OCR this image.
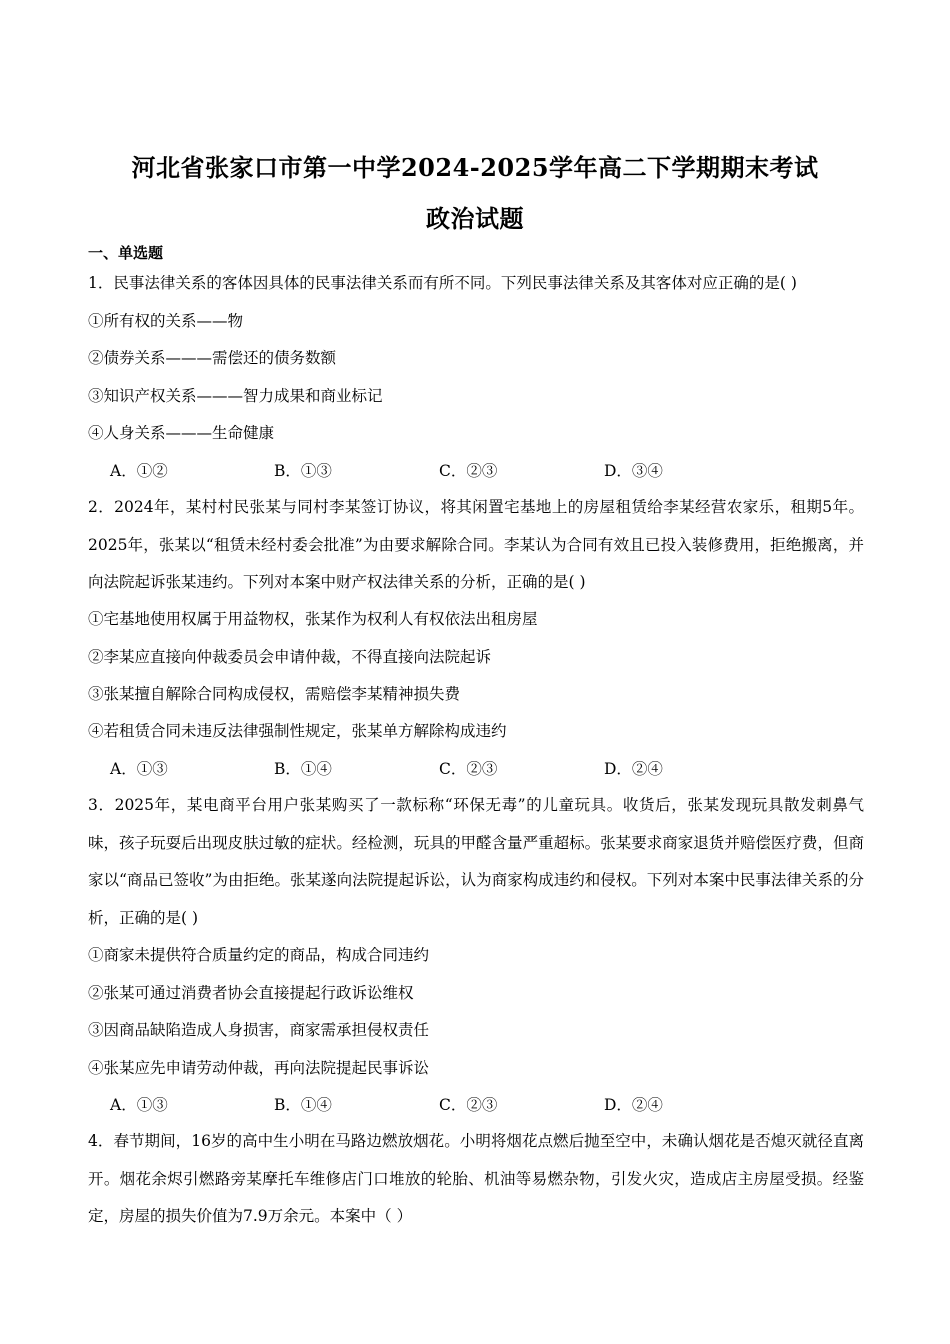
河北省张家口市第一中学2024-2025学年高二下学期期末考试
政治试题
一、单选题
1．民事法律关系的客体因具体的民事法律关系而有所不同。下列民事法律关系及其客体对应正确的是( )
①所有权的关系——物
②债券关系———需偿还的债务数额
③知识产权关系———智力成果和商业标记
④人身关系———生命健康
A．①②	B．①③	C．②③	D．③④
2．2024年，某村村民张某与同村李某签订协议，将其闲置宅基地上的房屋租赁给李某经营农家乐，租期5年。2025年，张某以“租赁未经村委会批准”为由要求解除合同。李某认为合同有效且已投入装修费用，拒绝搬离，并向法院起诉张某违约。下列对本案中财产权法律关系的分析，正确的是( )
①宅基地使用权属于用益物权，张某作为权利人有权依法出租房屋
②李某应直接向仲裁委员会申请仲裁，不得直接向法院起诉
③张某擅自解除合同构成侵权，需赔偿李某精神损失费
④若租赁合同未违反法律强制性规定，张某单方解除构成违约
A．①③	B．①④	C．②③	D．②④
3．2025年，某电商平台用户张某购买了一款标称“环保无毒”的儿童玩具。收货后，张某发现玩具散发刺鼻气味，孩子玩耍后出现皮肤过敏的症状。经检测，玩具的甲醛含量严重超标。张某要求商家退货并赔偿医疗费，但商家以“商品已签收”为由拒绝。张某遂向法院提起诉讼，认为商家构成违约和侵权。下列对本案中民事法律关系的分析，正确的是( )
①商家未提供符合质量约定的商品，构成合同违约
②张某可通过消费者协会直接提起行政诉讼维权
③因商品缺陷造成人身损害，商家需承担侵权责任
④张某应先申请劳动仲裁，再向法院提起民事诉讼
A．①③	B．①④	C．②③	D．②④
4．春节期间，16岁的高中生小明在马路边燃放烟花。小明将烟花点燃后抛至空中，未确认烟花是否熄灭就径直离开。烟花余烬引燃路旁某摩托车维修店门口堆放的轮胎、机油等易燃杂物，引发火灾，造成店主房屋受损。经鉴定，房屋的损失价值为7.9万余元。本案中（ ）
